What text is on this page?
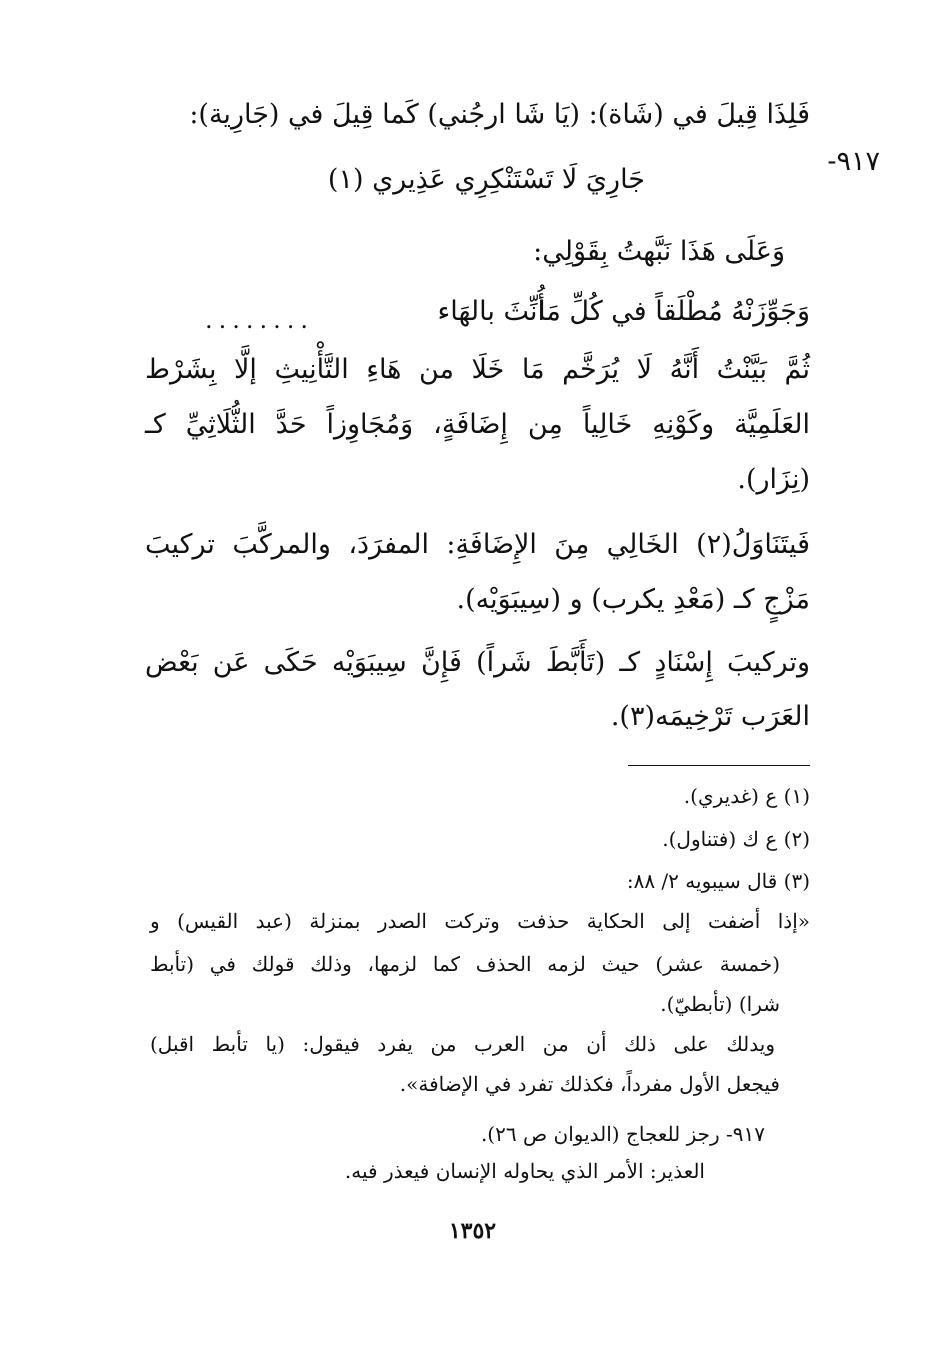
٩١٧-
فَلِذَا قِيلَ في (شَاة): (يَا شَا ارجُني) كَما قِيلَ في (جَارِية):
جَارِيَ لَا تَسْتَنْكِرِي عَذِيري (١)
وَعَلَى هَذَا نَبَّهتُ بِقَوْلِي:
وَجَوِّزَنْهُ مُطْلَقاً في كُلِّ مَا
أُنِّثَ بالهَاء
........
ثُمَّ بَيَّنْتُ أَنَّهُ لَا يُرَخَّم مَا خَلَا من هَاءِ التَّأْنِيثِ إلَّا بِشَرْط
العَلَمِيَّة وكَوْنِهِ خَالِياً مِن إِضَافَةٍ، وَمُجَاوِزاً حَدَّ الثُّلَاثِيِّ كـ
(نِزَار).
فَيتَنَاوَلُ(٢) الخَالِي مِنَ الإِضَافَةِ: المفرَدَ، والمركَّبَ تركيبَ
مَزْجٍ كـ (مَعْدِ يكرب) و (سِيبَوَيْه).
وتركيبَ إِسْنَادٍ كـ (تَأَبَّطَ شَراً) فَإِنَّ سِيبَوَيْه حَكَى عَن بَعْض
العَرَب تَرْخِيمَه(٣).
(١) ع (غديري).
(٢) ع ك (فتناول).
(٣) قال سيبويه ٢/ ٨٨:
«إذا أضفت إلى الحكاية حذفت وتركت الصدر بمنزلة (عبد القيس) و
(خمسة عشر) حيث لزمه الحذف كما لزمها، وذلك قولك في (تأبط
شرا) (تأبطيّ).
ويدلك على ذلك أن من العرب من يفرد فيقول: (يا تأبط اقبل)
فيجعل الأول مفرداً، فكذلك تفرد في الإضافة».
٩١٧- رجز للعجاج (الديوان ص ٢٦).
العذير: الأمر الذي يحاوله الإنسان فيعذر فيه.
١٣٥٢
